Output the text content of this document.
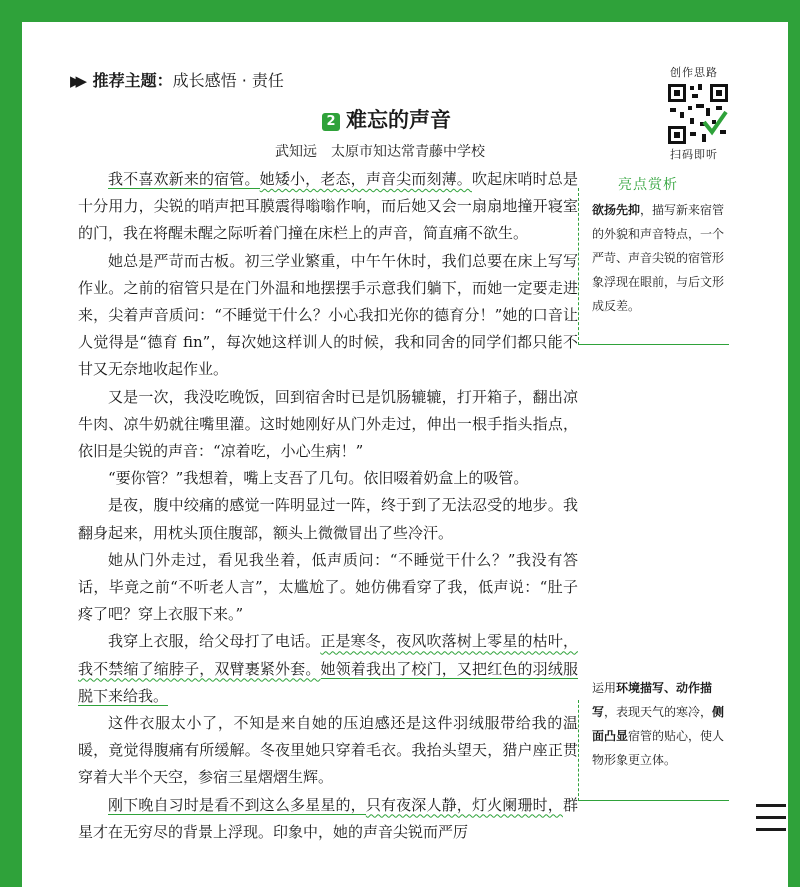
▶▶ 推荐主题：成长感悟 · 责任	创作思路
扫码即听
2 难忘的声音
武知远 太原市知达常青藤中学校

我不喜欢新来的宿管。她矮小，老态，声音尖而刻薄。吹起床哨时总是十分用力，尖锐的哨声把耳膜震得嗡嗡作响，而后她又会一扇扇地撞开寝室的门，我在将醒未醒之际听着门撞在床栏上的声音，简直痛不欲生。

她总是严苛而古板。初三学业繁重，中午午休时，我们总要在床上写写作业。之前的宿管只是在门外温和地摆摆手示意我们躺下，而她一定要走进来，尖着声音质问：“不睡觉干什么？小心我扣光你的德育分！”她的口音让人觉得是“德育 fin”，每次她这样训人的时候，我和同舍的同学们都只能不甘又无奈地收起作业。

又是一次，我没吃晚饭，回到宿舍时已是饥肠辘辘，打开箱子，翻出凉牛肉、凉牛奶就往嘴里灌。这时她刚好从门外走过，伸出一根手指头指点，依旧是尖锐的声音：“凉着吃，小心生病！”

“要你管？”我想着，嘴上支吾了几句。依旧啜着奶盒上的吸管。

是夜，腹中绞痛的感觉一阵明显过一阵，终于到了无法忍受的地步。我翻身起来，用枕头顶住腹部，额头上微微冒出了些冷汗。

她从门外走过，看见我坐着，低声质问：“不睡觉干什么？”我没有答话，毕竟之前“不听老人言”，太尴尬了。她仿佛看穿了我，低声说：“肚子疼了吧？穿上衣服下来。”

我穿上衣服，给父母打了电话。正是寒冬，夜风吹落树上零星的枯叶，我不禁缩了缩脖子，双臂裹紧外套。她领着我出了校门，又把红色的羽绒服脱下来给我。

这件衣服太小了，不知是来自她的压迫感还是这件羽绒服带给我的温暖，竟觉得腹痛有所缓解。冬夜里她只穿着毛衣。我抬头望天，猎户座正贯穿着大半个天空，参宿三星熠熠生辉。

刚下晚自习时是看不到这么多星星的，只有夜深人静，灯火阑珊时，群星才在无穷尽的背景上浮现。印象中，她的声音尖锐而严厉

亮点赏析
欲扬先抑，描写新来宿管的外貌和声音特点，一个严苛、声音尖锐的宿管形象浮现在眼前，与后文形成反差。
运用环境描写、动作描写，表现天气的寒冷，侧面凸显宿管的贴心，使人物形象更立体。
